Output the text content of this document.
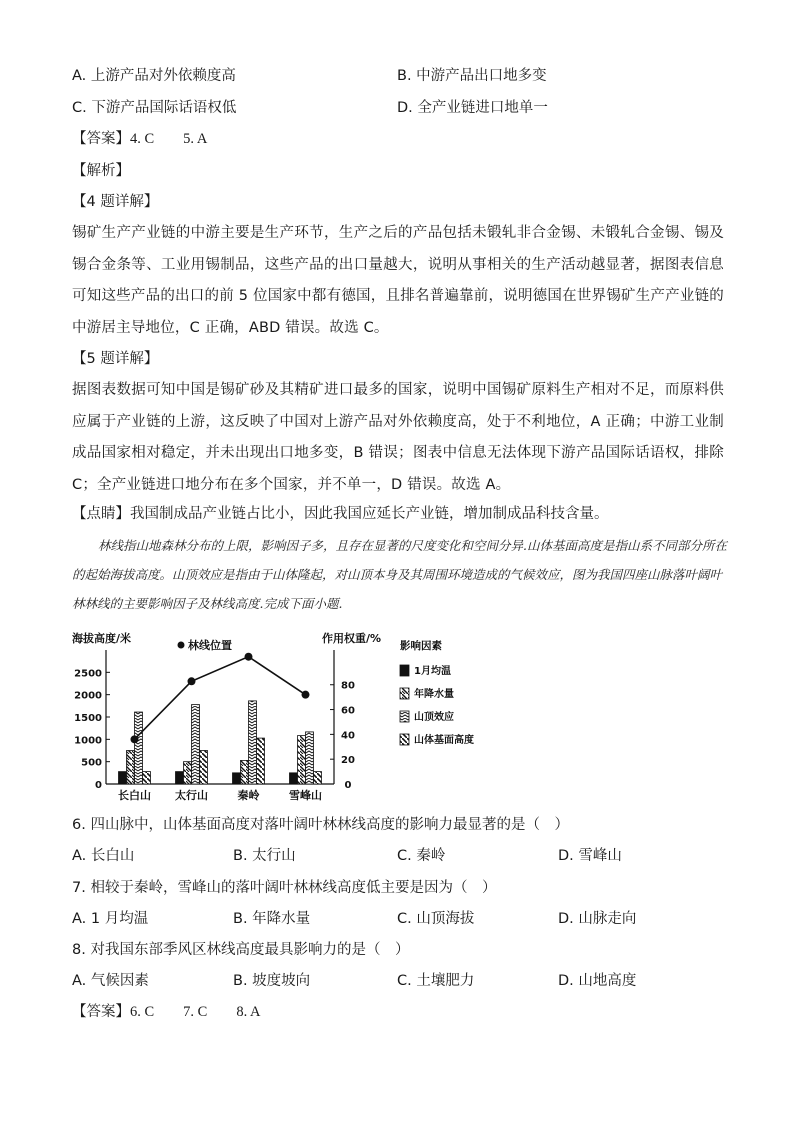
A. 上游产品对外依赖度高	B. 中游产品出口地多变
C. 下游产品国际话语权低	D. 全产业链进口地单一
【答案】4. C　　5. A
【解析】
【4 题详解】
锡矿生产产业链的中游主要是生产环节，生产之后的产品包括未锻轧非合金锡、未锻轧合金锡、锡及锡合金条等、工业用锡制品，这些产品的出口量越大，说明从事相关的生产活动越显著，据图表信息可知这些产品的出口的前 5 位国家中都有德国，且排名普遍靠前，说明德国在世界锡矿生产产业链的中游居主导地位，C 正确，ABD 错误。故选 C。
【5 题详解】
据图表数据可知中国是锡矿砂及其精矿进口最多的国家，说明中国锡矿原料生产相对不足，而原料供应属于产业链的上游，这反映了中国对上游产品对外依赖度高，处于不利地位，A 正确；中游工业制成品国家相对稳定，并未出现出口地多变，B 错误；图表中信息无法体现下游产品国际话语权，排除 C；全产业链进口地分布在多个国家，并不单一，D 错误。故选 A。
【点睛】我国制成品产业链占比小，因此我国应延长产业链，增加制成品科技含量。
林线指山地森林分布的上限，影响因子多，且存在显著的尺度变化和空间分异.山体基面高度是指山系不同部分所在的起始海拔高度。山顶效应是指由于山体隆起，对山顶本身及其周围环境造成的气候效应，图为我国四座山脉落叶阔叶林林线的主要影响因子及林线高度.完成下面小题.
海拔高度/米
林线位置
作用权重/%
影响因素
0
500
1000
1500
2000
2500
0
20
40
60
80
长白山 太行山	秦岭	雪峰山
1月均温
年降水量
山顶效应
山体基面高度
6. 四山脉中，山体基面高度对落叶阔叶林林线高度的影响力最显著的是（　）
A. 长白山	B. 太行山	C. 秦岭	D. 雪峰山
7. 相较于秦岭，雪峰山的落叶阔叶林林线高度低主要是因为（　）
A. 1 月均温	B. 年降水量	C. 山顶海拔	D. 山脉走向
8. 对我国东部季风区林线高度最具影响力的是（　）
A. 气候因素	B. 坡度坡向	C. 土壤肥力	D. 山地高度
【答案】6. C　　7. C　　8. A
